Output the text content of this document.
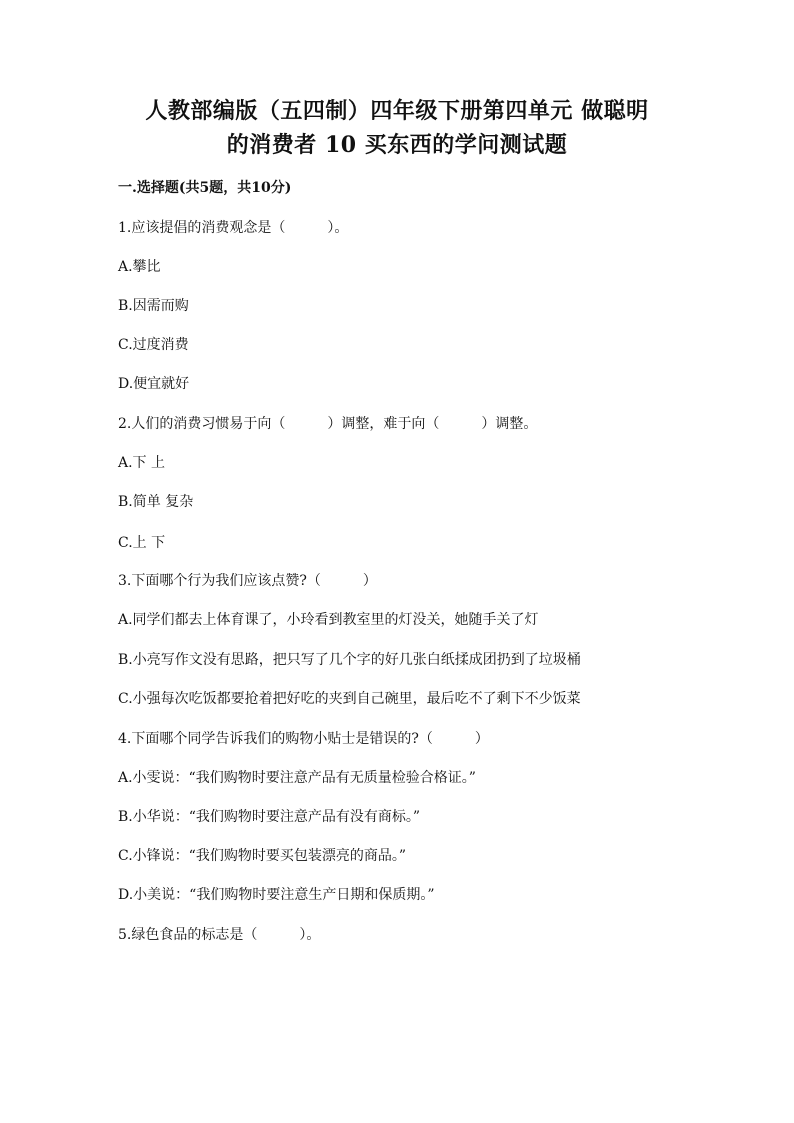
人教部编版（五四制）四年级下册第四单元 做聪明
的消费者 10 买东西的学问测试题
一.选择题(共5题，共10分)
1.应该提倡的消费观念是（　　　）。
A.攀比
B.因需而购
C.过度消费
D.便宜就好
2.人们的消费习惯易于向（　　　）调整，难于向（　　　）调整。
A.下 上
B.简单 复杂
C.上 下
3.下面哪个行为我们应该点赞?（　　　）
A.同学们都去上体育课了，小玲看到教室里的灯没关，她随手关了灯
B.小亮写作文没有思路，把只写了几个字的好几张白纸揉成团扔到了垃圾桶
C.小强每次吃饭都要抢着把好吃的夹到自己碗里，最后吃不了剩下不少饭菜
4.下面哪个同学告诉我们的购物小贴士是错误的?（　　　）
A.小雯说：“我们购物时要注意产品有无质量检验合格证。”
B.小华说：“我们购物时要注意产品有没有商标。”
C.小锋说：“我们购物时要买包装漂亮的商品。”
D.小美说：“我们购物时要注意生产日期和保质期。”
5.绿色食品的标志是（　　　）。
